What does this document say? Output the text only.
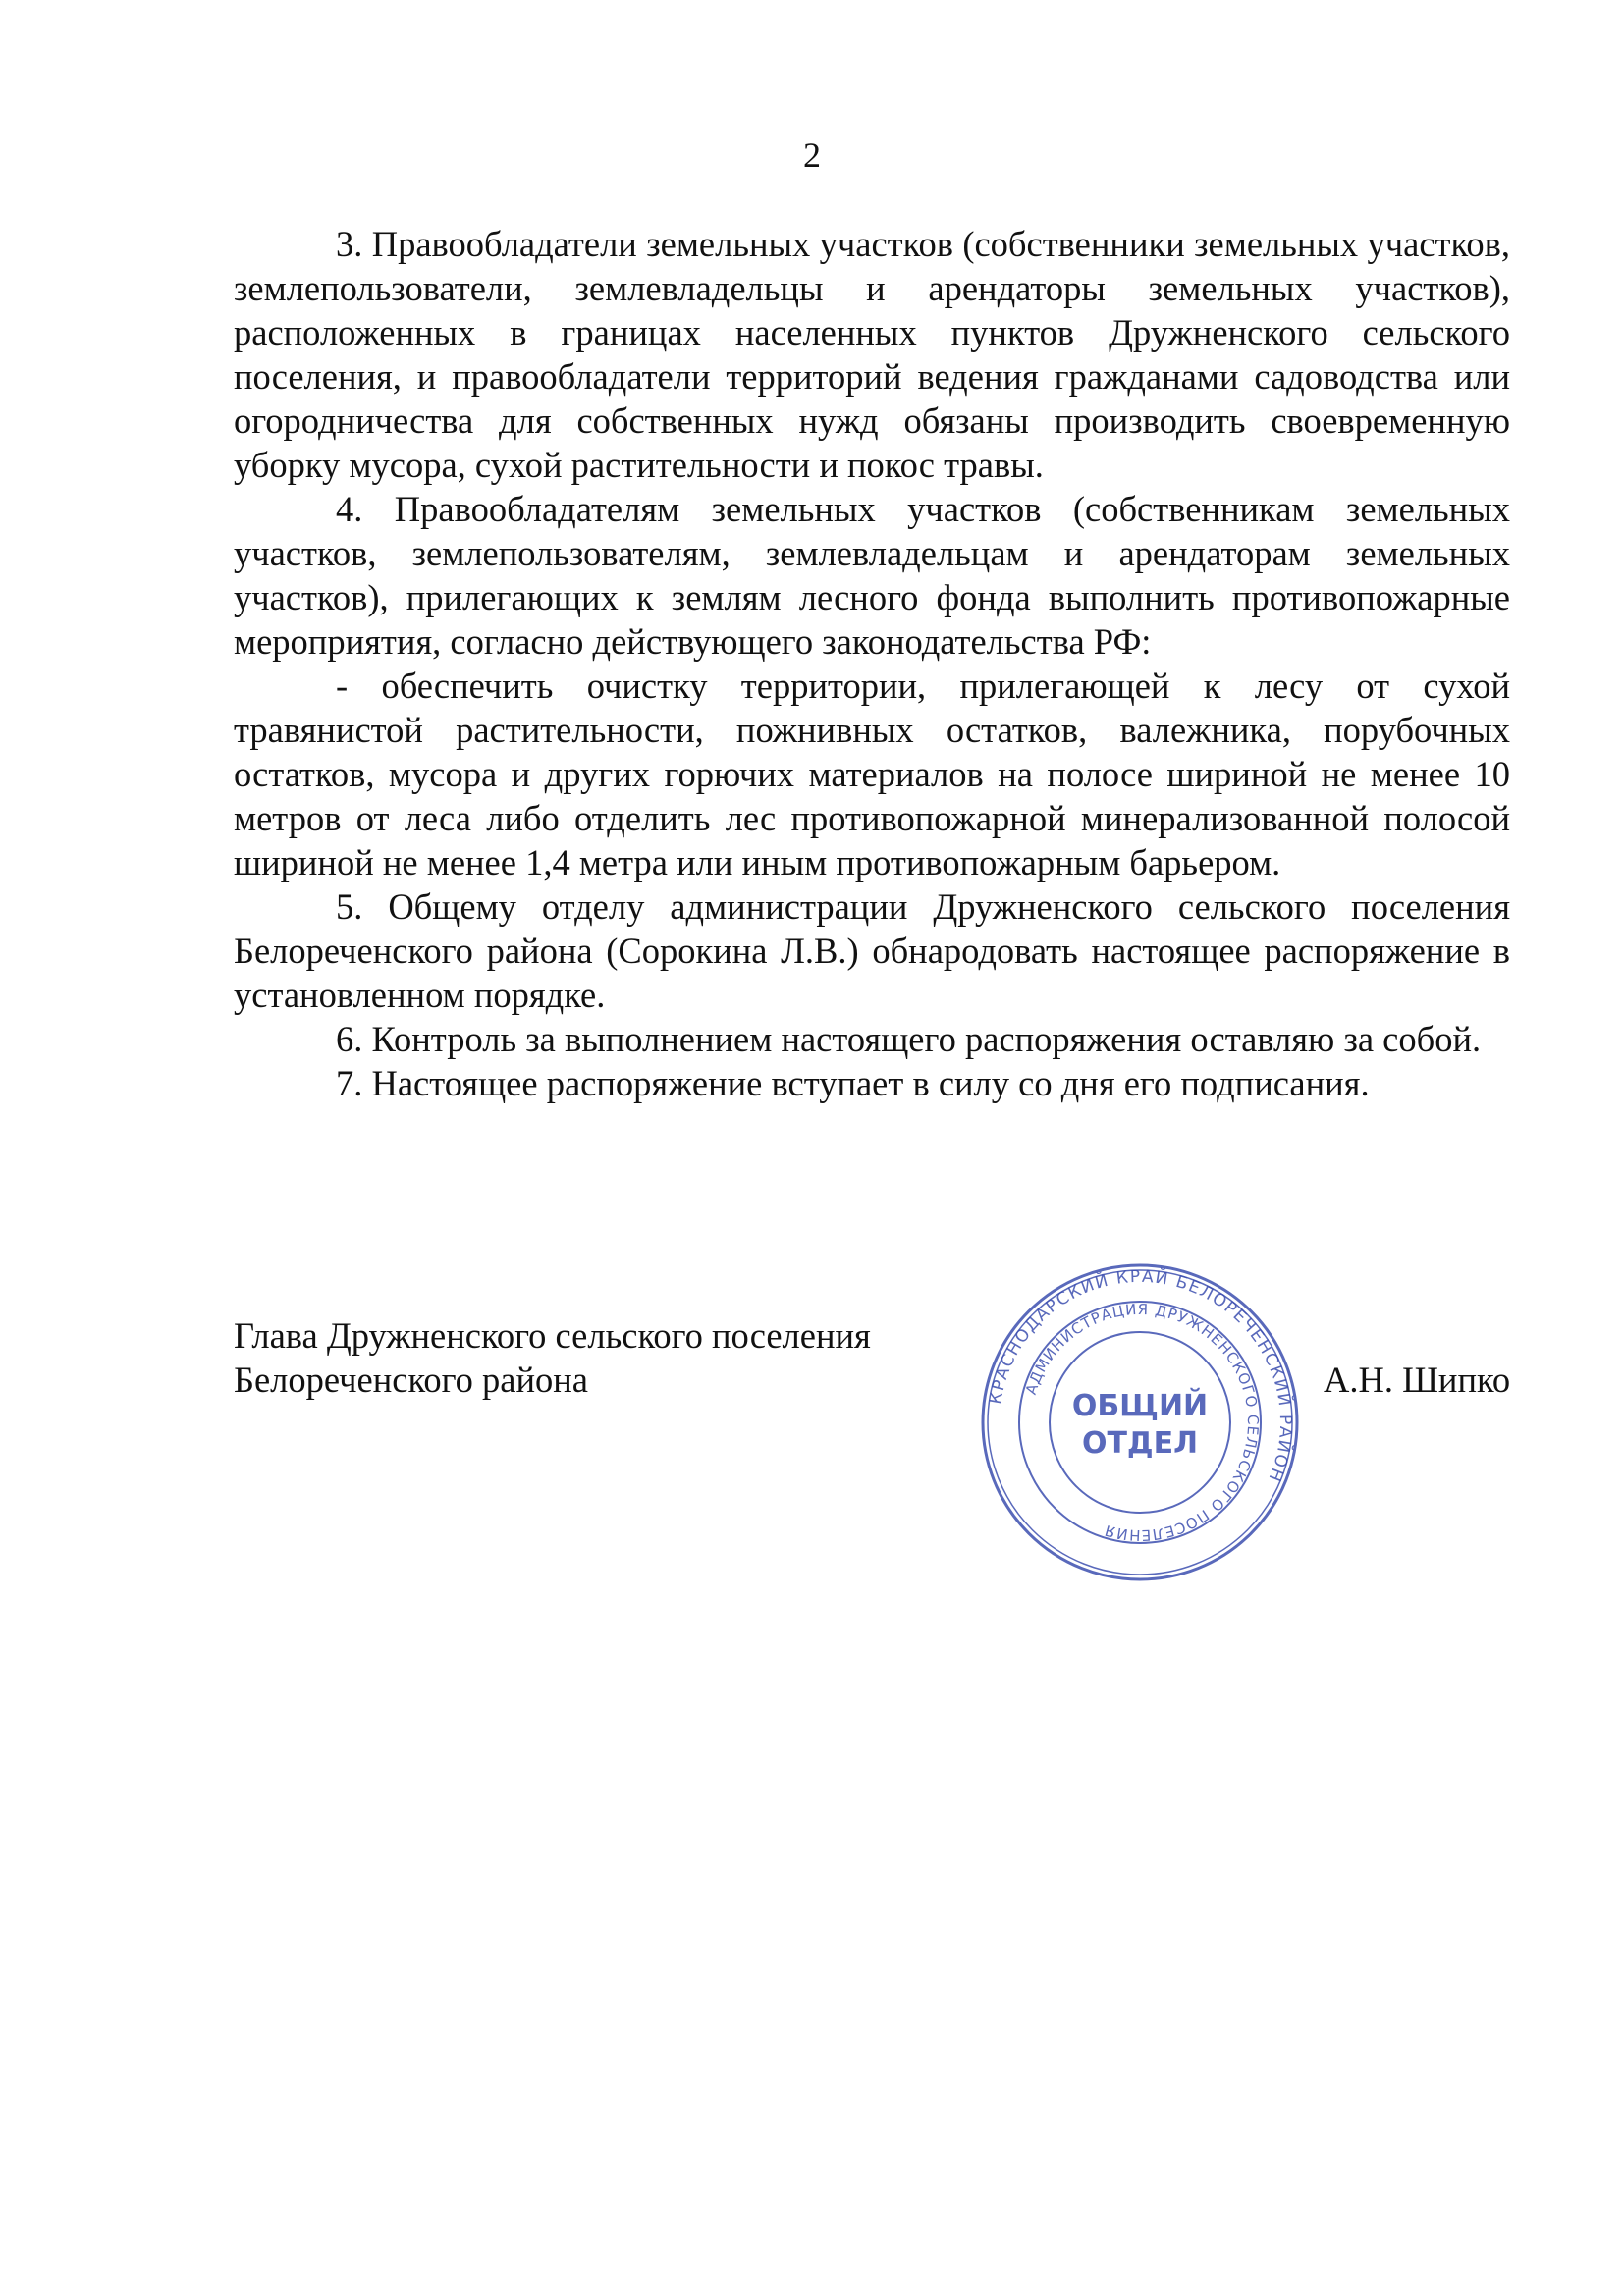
2

3. Правообладатели земельных участков (собственники земельных участков, землепользователи, землевладельцы и арендаторы земельных участков), расположенных в границах населенных пунктов Дружненского сельского поселения, и правообладатели территорий ведения гражданами садоводства или огородничества для собственных нужд обязаны производить своевременную уборку мусора, сухой растительности и покос травы.

4. Правообладателям земельных участков (собственникам земельных участков, землепользователям, землевладельцам и арендаторам земельных участков), прилегающих к землям лесного фонда выполнить противопожарные мероприятия, согласно действующего законодательства РФ:

- обеспечить очистку территории, прилегающей к лесу от сухой травянистой растительности, пожнивных остатков, валежника, порубочных остатков, мусора и других горючих материалов на полосе шириной не менее 10 метров от леса либо отделить лес противопожарной минерализованной полосой шириной не менее 1,4 метра или иным противопожарным барьером.

5. Общему отделу администрации Дружненского сельского поселения Белореченского района (Сорокина Л.В.) обнародовать настоящее распоряжение в установленном порядке.

6. Контроль за выполнением настоящего распоряжения оставляю за собой.

7. Настоящее распоряжение вступает в силу со дня его подписания.

Глава Дружненского сельского поселения
Белореченского района	КРАСНОДАРСКИЙ КРАЙ БЕЛОРЕЧЕНСКИЙ РАЙОН
АДМИНИСТРАЦИЯ ДРУЖНЕНСКОГО СЕЛЬСКОГО ПОСЕЛЕНИЯ
ОБЩИЙ
ОТДЕЛ
А.Н. Шипко
